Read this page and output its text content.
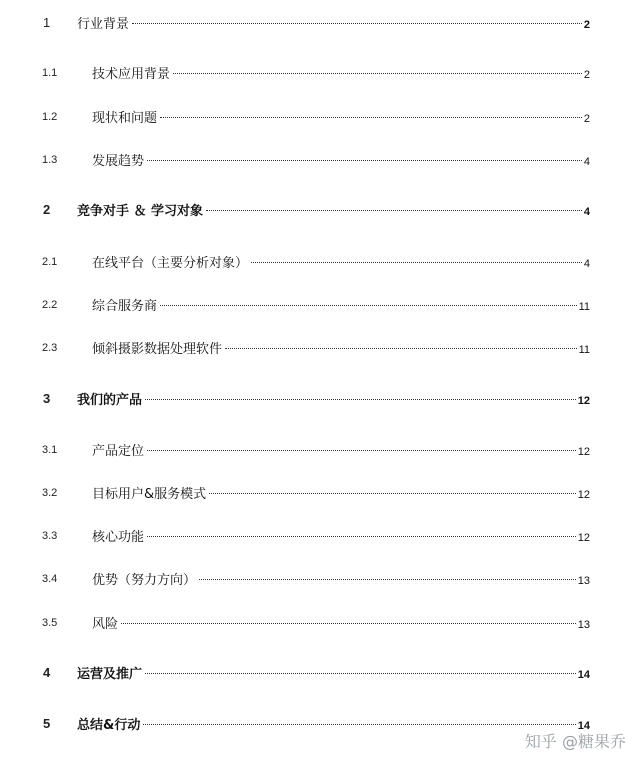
1 行业背景	2
1.1	技术应用背景	2
1.2	现状和问题	2
1.3	发展趋势	4
2 竞争对手 ＆ 学习对象	4
2.1	在线平台（主要分析对象）	4
2.2	综合服务商	11
2.3	倾斜摄影数据处理软件	11
3 我们的产品	12
3.1	产品定位	12
3.2	目标用户&服务模式	12
3.3	核心功能	12
3.4	优势（努力方向）	13
3.5	风险	13
4 运营及推广	14
5 总结&行动	14
知乎 @糖果乔
